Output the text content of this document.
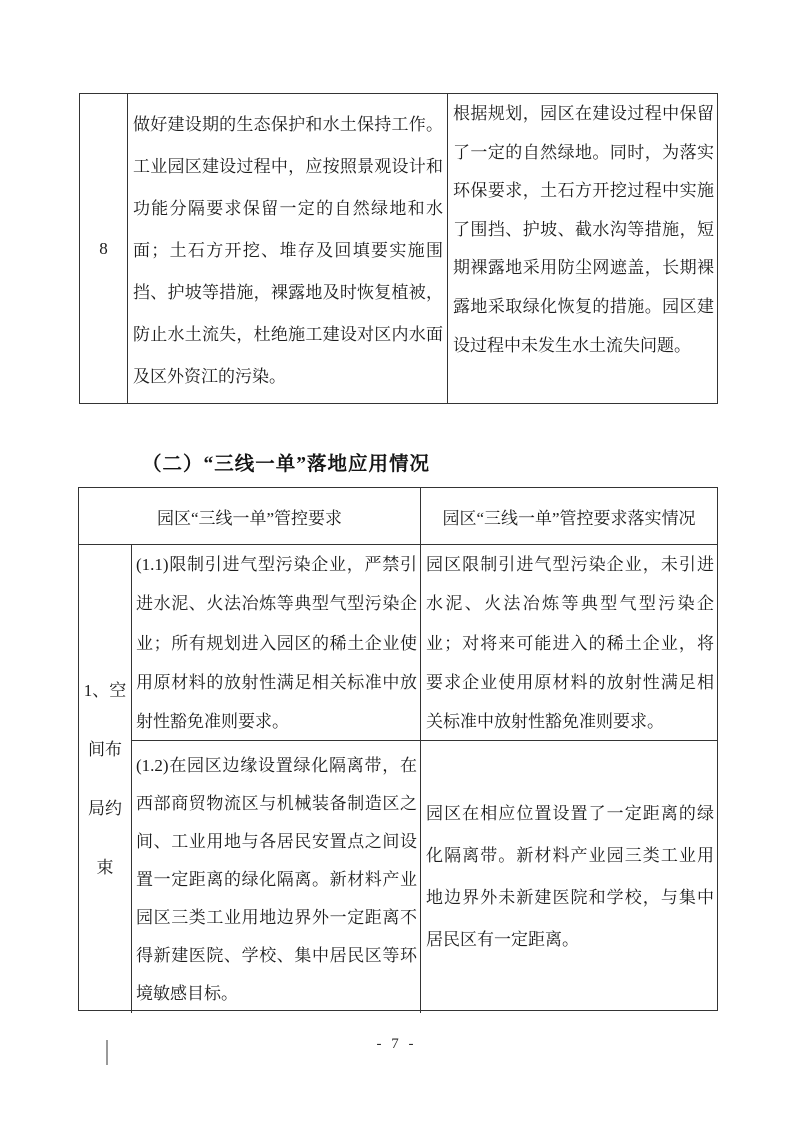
8
做好建设期的生态保护和水土保持工作。工业园区建设过程中，应按照景观设计和功能分隔要求保留一定的自然绿地和水面；土石方开挖、堆存及回填要实施围挡、护坡等措施，裸露地及时恢复植被，防止水土流失，杜绝施工建设对区内水面及区外资江的污染。
根据规划，园区在建设过程中保留了一定的自然绿地。同时，为落实环保要求，土石方开挖过程中实施了围挡、护坡、截水沟等措施，短期裸露地采用防尘网遮盖，长期裸露地采取绿化恢复的措施。园区建设过程中未发生水土流失问题。
（二）“三线一单”落地应用情况
园区“三线一单”管控要求	园区“三线一单”管控要求落实情况
1、空
间布
局约
束
(1.1)限制引进气型污染企业，严禁引进水泥、火法冶炼等典型气型污染企业；所有规划进入园区的稀土企业使用原材料的放射性满足相关标准中放射性豁免准则要求。
园区限制引进气型污染企业，未引进水泥、火法冶炼等典型气型污染企业；对将来可能进入的稀土企业，将要求企业使用原材料的放射性满足相关标准中放射性豁免准则要求。
(1.2)在园区边缘设置绿化隔离带，在西部商贸物流区与机械装备制造区之间、工业用地与各居民安置点之间设置一定距离的绿化隔离。新材料产业园区三类工业用地边界外一定距离不得新建医院、学校、集中居民区等环境敏感目标。
园区在相应位置设置了一定距离的绿化隔离带。新材料产业园三类工业用地边界外未新建医院和学校，与集中居民区有一定距离。
- 7 -
